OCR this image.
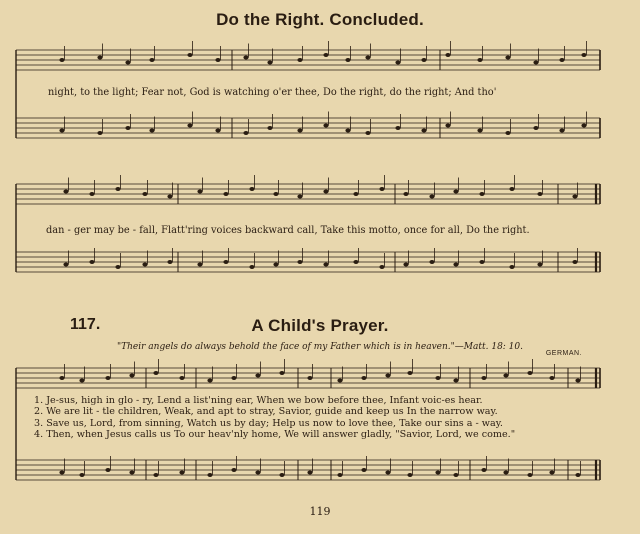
Do the Right. Concluded.
night, to the light; Fear not, God is watching o'er thee, Do the right, do the right; And tho'
dan - ger may be - fall, Flatt'ring voices backward call, Take this motto, once for all, Do the right.
117.	A Child's Prayer.
"Their angels do always behold the face of my Father which is in heaven."—Matt. 18: 10.
GERMAN.
1. Je-sus, high in glo - ry, Lend a list'ning ear, When we bow before thee, Infant voic-es hear.
2. We are lit - tle children, Weak, and apt to stray, Savior, guide and keep us In the narrow way.
3. Save us, Lord, from sinning, Watch us by day; Help us now to love thee, Take our sins a - way.
4. Then, when Jesus calls us To our heav'nly home, We will answer gladly, "Savior, Lord, we come."
119
